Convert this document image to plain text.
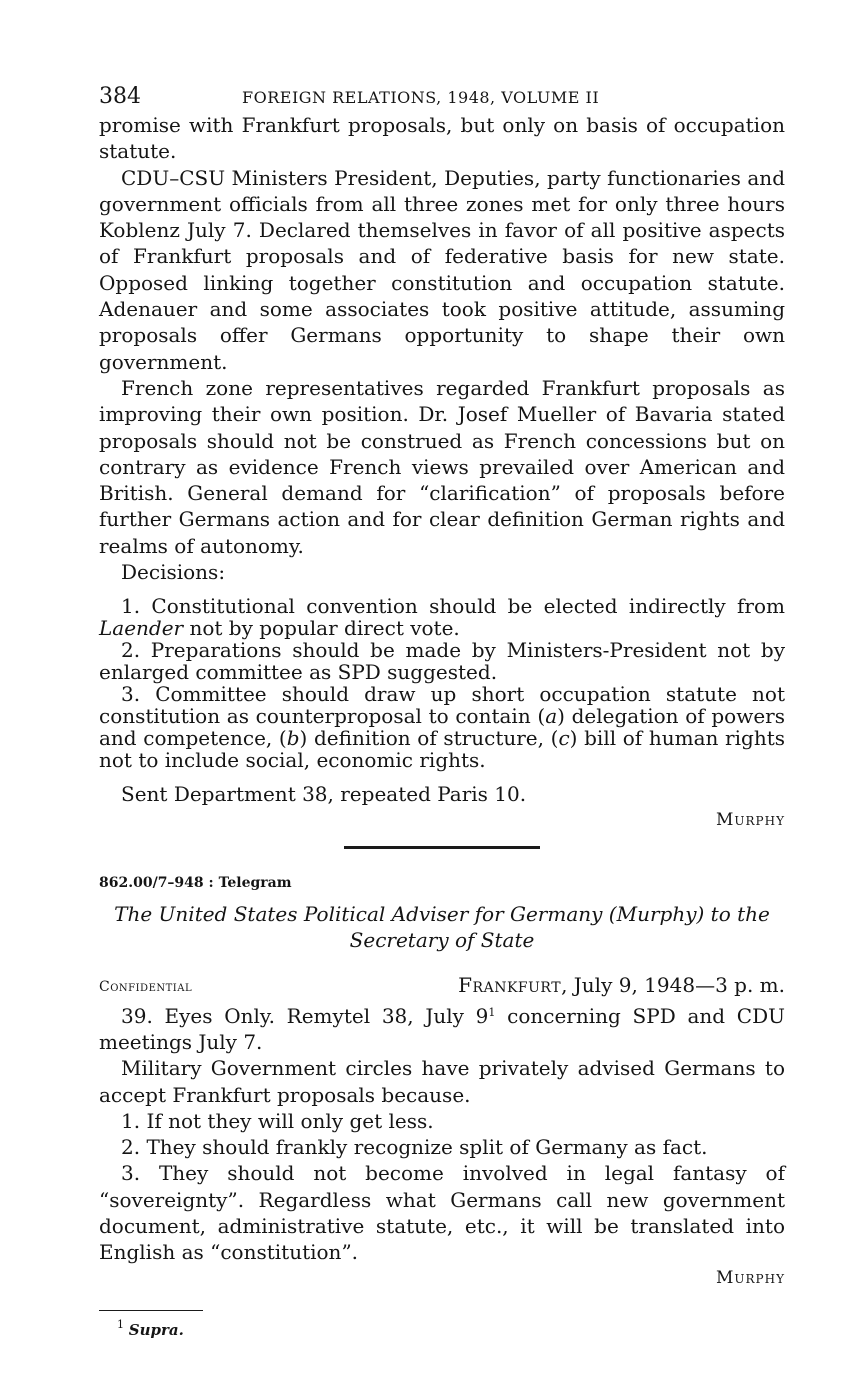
384	FOREIGN RELATIONS, 1948, VOLUME II

promise with Frankfurt proposals, but only on basis of occupation statute.

CDU–CSU Ministers President, Deputies, party functionaries and government officials from all three zones met for only three hours Koblenz July 7. Declared themselves in favor of all positive aspects of Frankfurt proposals and of federative basis for new state. Opposed linking together constitution and occupation statute. Adenauer and some associates took positive attitude, assuming proposals offer Germans opportunity to shape their own government.

French zone representatives regarded Frankfurt proposals as improving their own position. Dr. Josef Mueller of Bavaria stated proposals should not be construed as French concessions but on contrary as evidence French views prevailed over American and British. General demand for “clarification” of proposals before further Germans action and for clear definition German rights and realms of autonomy.

Decisions:

1. Constitutional convention should be elected indirectly from Laender not by popular direct vote.

2. Preparations should be made by Ministers-President not by enlarged committee as SPD suggested.

3. Committee should draw up short occupation statute not constitution as counterproposal to contain (a) delegation of powers and competence, (b) definition of structure, (c) bill of human rights not to include social, economic rights.

Sent Department 38, repeated Paris 10.

Murphy
862.00/7–948 : Telegram
The United States Political Adviser for Germany (Murphy) to the
Secretary of State
Confidential	Frankfurt, July 9, 1948—3 p. m.

39. Eyes Only. Remytel 38, July $9^1$ concerning SPD and CDU meetings July 7.

Military Government circles have privately advised Germans to accept Frankfurt proposals because.

1. If not they will only get less.

2. They should frankly recognize split of Germany as fact.

3. They should not become involved in legal fantasy of “sovereignty”. Regardless what Germans call new government document, administrative statute, etc., it will be translated into English as “constitution”.

Murphy
$^1$ Supra.
